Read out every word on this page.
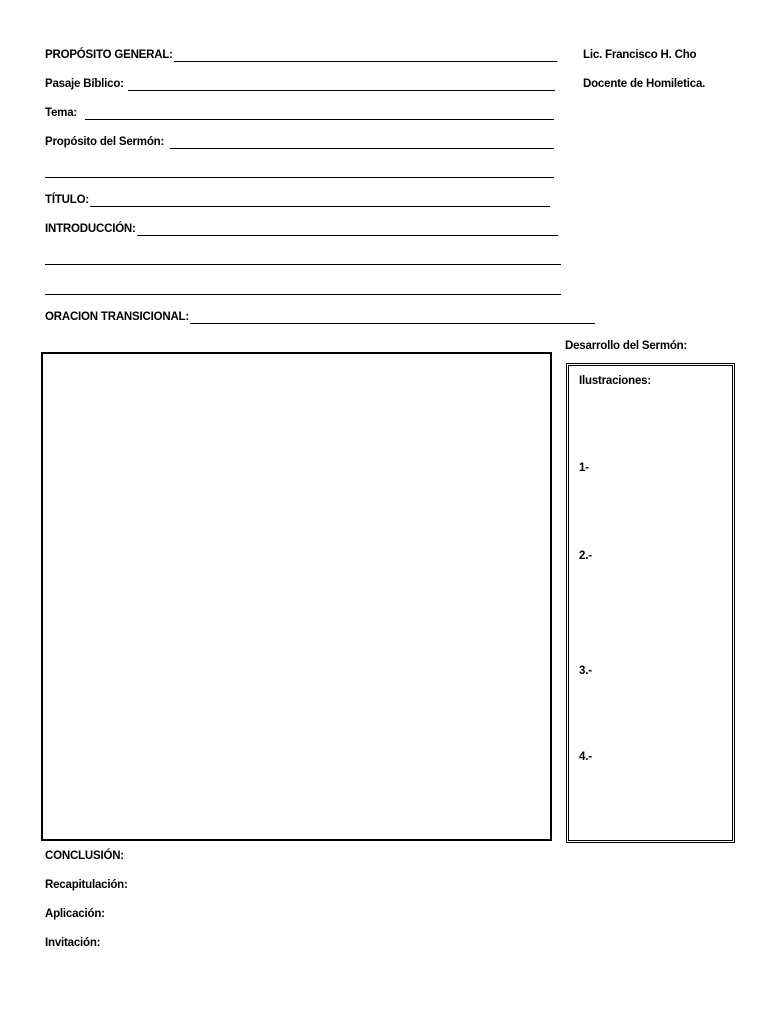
Lic. Francisco H. Cho
Docente de Homiletica.
PROPÓSITO GENERAL:
Pasaje Bíblico:
Tema:
Propósito del Sermón:
TÍTULO:
INTRODUCCIÓN:
ORACION TRANSICIONAL:
Desarrollo del Sermón:
Ilustraciones:
1-
2.-
3.-
4.-
CONCLUSIÓN:
Recapitulación:
Aplicación:
Invitación:
